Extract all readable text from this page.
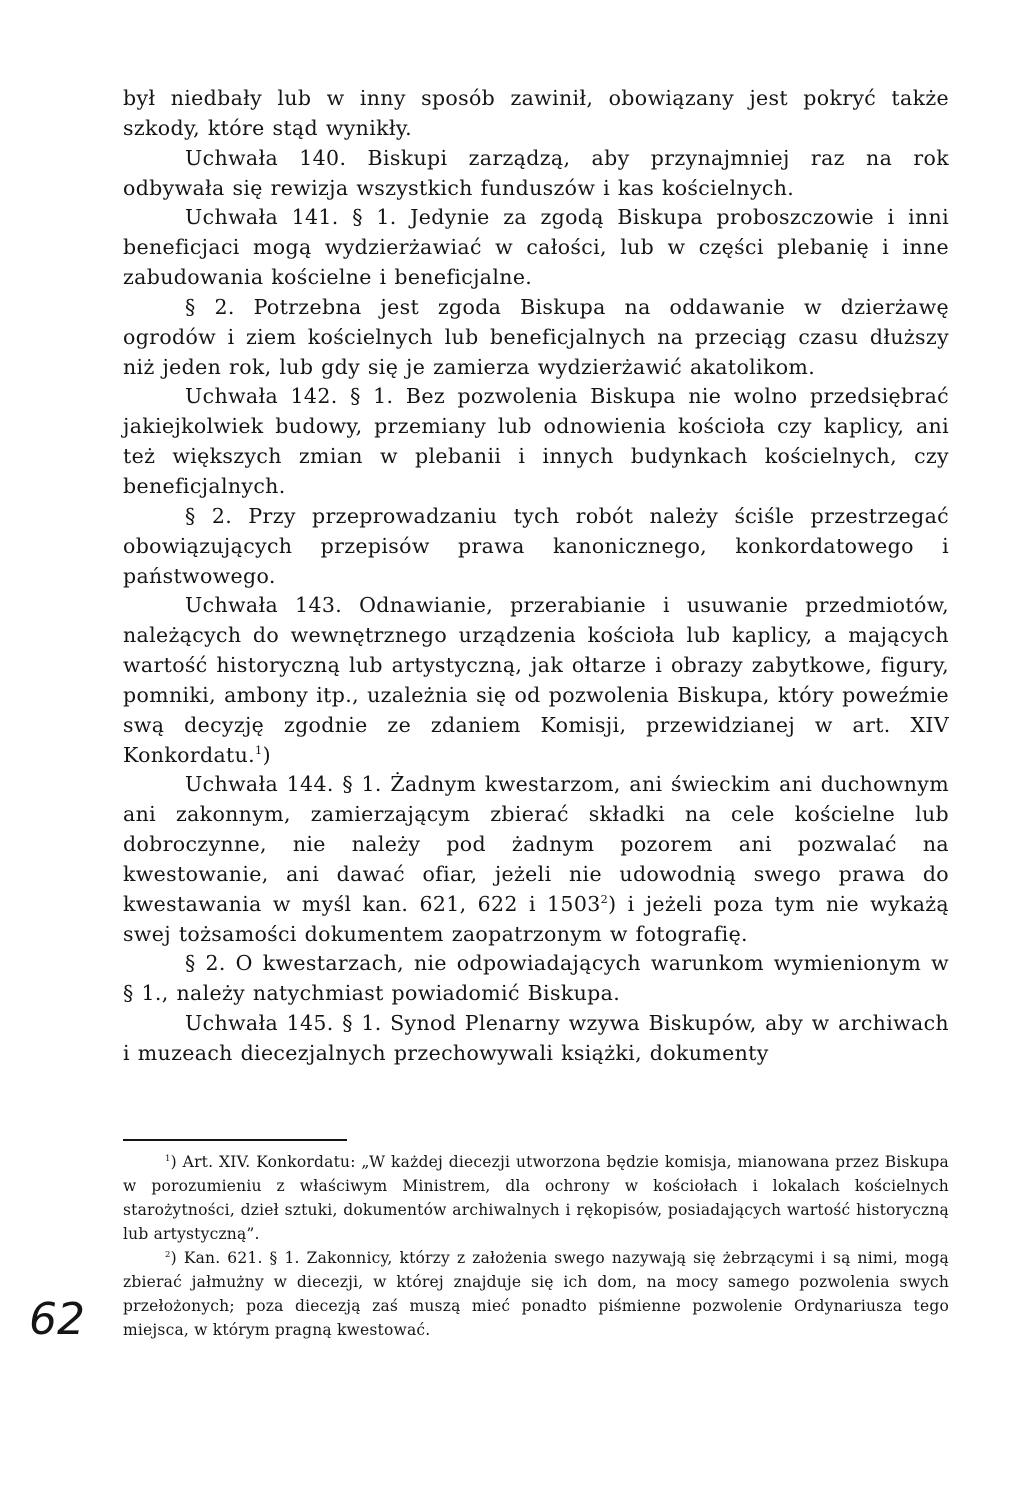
był niedbały lub w inny sposób zawinił, obowiązany jest pokryć także szkody, które stąd wynikły.

Uchwała 140. Biskupi zarządzą, aby przynajmniej raz na rok odbywała się rewizja wszystkich funduszów i kas kościelnych.

Uchwała 141. § 1. Jedynie za zgodą Biskupa proboszczowie i inni beneficjaci mogą wydzierżawiać w całości, lub w części plebanię i inne zabudowania kościelne i beneficjalne.

§ 2. Potrzebna jest zgoda Biskupa na oddawanie w dzierżawę ogrodów i ziem kościelnych lub beneficjalnych na przeciąg czasu dłuższy niż jeden rok, lub gdy się je zamierza wydzierżawić akatolikom.

Uchwała 142. § 1. Bez pozwolenia Biskupa nie wolno przedsiębrać jakiejkolwiek budowy, przemiany lub odnowienia kościoła czy kaplicy, ani też większych zmian w plebanii i innych budynkach kościelnych, czy beneficjalnych.

§ 2. Przy przeprowadzaniu tych robót należy ściśle przestrzegać obowiązujących przepisów prawa kanonicznego, konkordatowego i państwowego.

Uchwała 143. Odnawianie, przerabianie i usuwanie przedmiotów, należących do wewnętrznego urządzenia kościoła lub kaplicy, a mających wartość historyczną lub artystyczną, jak ołtarze i obrazy zabytkowe, figury, pomniki, ambony itp., uzależnia się od pozwolenia Biskupa, który poweźmie swą decyzję zgodnie ze zdaniem Komisji, przewidzianej w art. XIV Konkordatu.$^1$)

Uchwała 144. § 1. Żadnym kwestarzom, ani świeckim ani duchownym ani zakonnym, zamierzającym zbierać składki na cele kościelne lub dobroczynne, nie należy pod żadnym pozorem ani pozwalać na kwestowanie, ani dawać ofiar, jeżeli nie udowodnią swego prawa do kwestawania w myśl kan. 621, 622 i 1503$^2$) i jeżeli poza tym nie wykażą swej tożsamości dokumentem zaopatrzonym w fotografię.

§ 2. O kwestarzach, nie odpowiadających warunkom wymienionym w § 1., należy natychmiast powiadomić Biskupa.

Uchwała 145. § 1. Synod Plenarny wzywa Biskupów, aby w archiwach i muzeach diecezjalnych przechowywali książki, dokumenty

$^1$) Art. XIV. Konkordatu: „W każdej diecezji utworzona będzie komisja, mianowana przez Biskupa w porozumieniu z właściwym Ministrem, dla ochrony w kościołach i lokalach kościelnych starożytności, dzieł sztuki, dokumentów archiwalnych i rękopisów, posiadających wartość historyczną lub artystyczną”.

$^2$) Kan. 621. § 1. Zakonnicy, którzy z założenia swego nazywają się żebrzącymi i są nimi, mogą zbierać jałmużny w diecezji, w której znajduje się ich dom, na mocy samego pozwolenia swych przełożonych; poza diecezją zaś muszą mieć ponadto piśmienne pozwolenie Ordynariusza tego miejsca, w którym pragną kwestować.

62
